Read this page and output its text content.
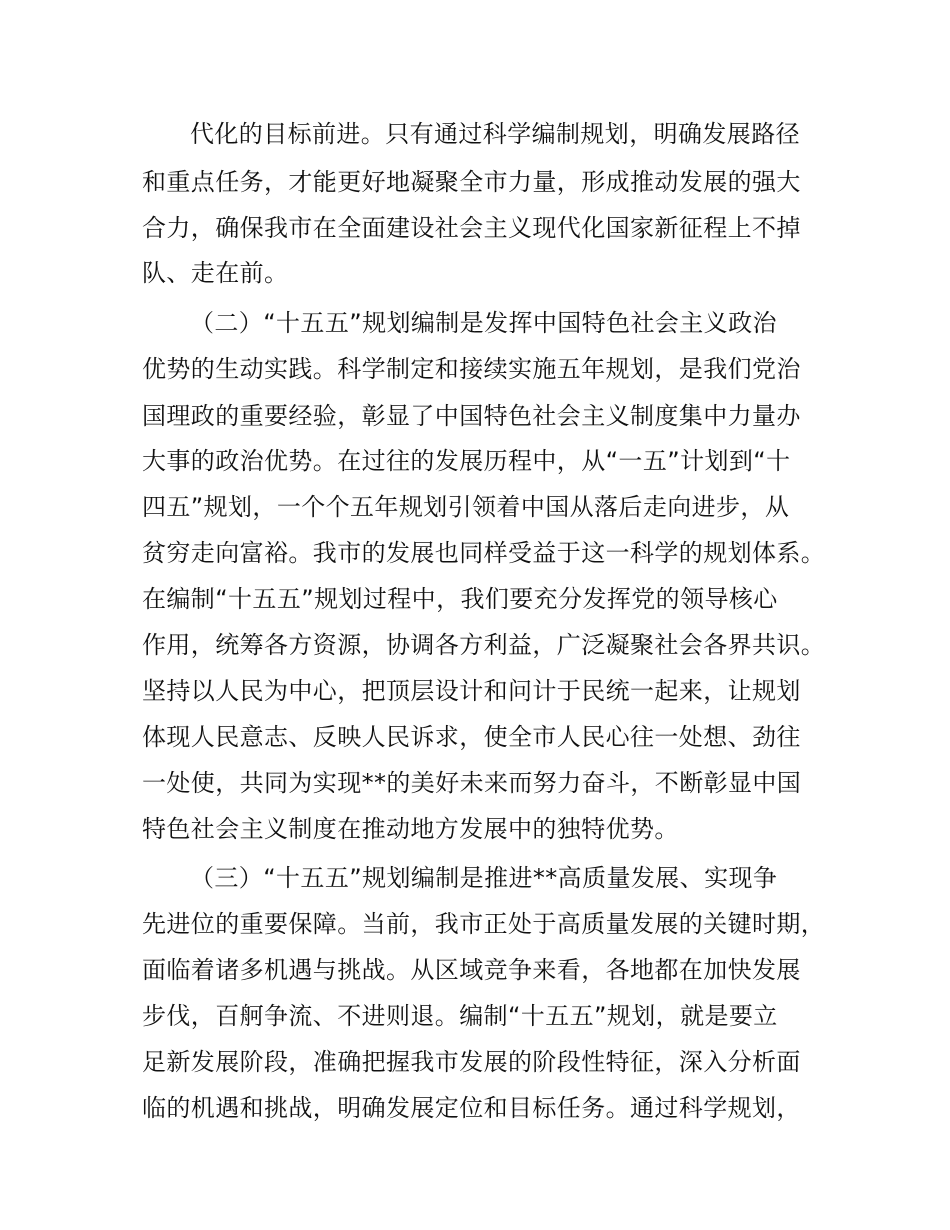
代化的目标前进。只有通过科学编制规划，明确发展路径
和重点任务，才能更好地凝聚全市力量，形成推动发展的强大
合力，确保我市在全面建设社会主义现代化国家新征程上不掉
队、走在前。
（二）“十五五”规划编制是发挥中国特色社会主义政治
优势的生动实践。科学制定和接续实施五年规划，是我们党治
国理政的重要经验，彰显了中国特色社会主义制度集中力量办
大事的政治优势。在过往的发展历程中，从“一五”计划到“十
四五”规划，一个个五年规划引领着中国从落后走向进步，从
贫穷走向富裕。我市的发展也同样受益于这一科学的规划体系。
在编制“十五五”规划过程中，我们要充分发挥党的领导核心
作用，统筹各方资源，协调各方利益，广泛凝聚社会各界共识。
坚持以人民为中心，把顶层设计和问计于民统一起来，让规划
体现人民意志、反映人民诉求，使全市人民心往一处想、劲往
一处使，共同为实现**的美好未来而努力奋斗，不断彰显中国
特色社会主义制度在推动地方发展中的独特优势。
（三）“十五五”规划编制是推进**高质量发展、实现争
先进位的重要保障。当前，我市正处于高质量发展的关键时期，
面临着诸多机遇与挑战。从区域竞争来看，各地都在加快发展
步伐，百舸争流、不进则退。编制“十五五”规划，就是要立
足新发展阶段，准确把握我市发展的阶段性特征，深入分析面
临的机遇和挑战，明确发展定位和目标任务。通过科学规划，
